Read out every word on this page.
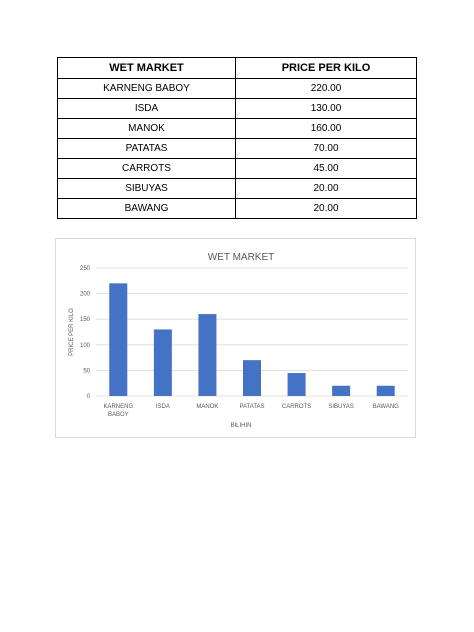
WET MARKET	PRICE PER KILO
KARNENG BABOY	220.00
ISDA	130.00
MANOK	160.00
PATATAS	70.00
CARROTS	45.00
SIBUYAS	20.00
BAWANG	20.00
WET MARKET
0
50
100
150
200
250
KARNENG BABOY
ISDA	MANOK	PATATAS	CARROTS	SIBUYAS	BAWANG
BILIHIN
PRICE PER KILO
